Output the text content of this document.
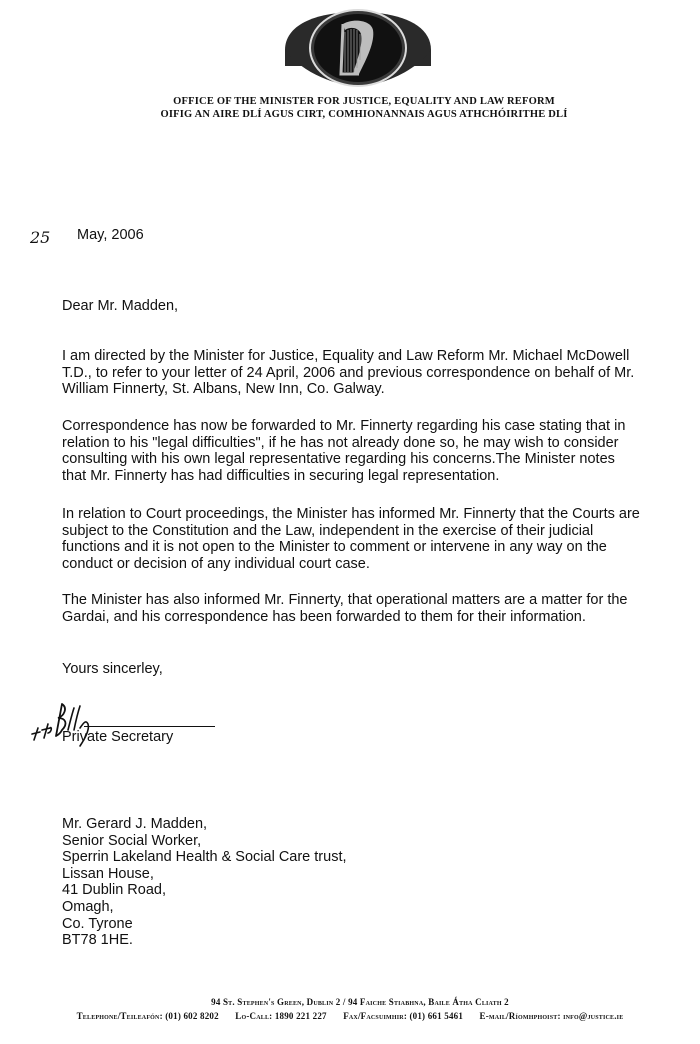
OFFICE OF THE MINISTER FOR JUSTICE, EQUALITY AND LAW REFORM
OIFIG AN AIRE DLÍ AGUS CIRT, COMHIONANNAIS AGUS ATHCHÓIRITHE DLÍ
25 May, 2006
Dear Mr. Madden,
I am directed by the Minister for Justice, Equality and Law Reform Mr. Michael McDowell T.D., to refer to your letter of 24 April, 2006 and previous correspondence on behalf of Mr. William Finnerty, St. Albans, New Inn, Co. Galway.
Correspondence has now be forwarded to Mr. Finnerty regarding his case stating that in relation to his "legal difficulties", if he has not already done so, he may wish to consider consulting with his own legal representative regarding his concerns.The Minister notes that Mr. Finnerty has had difficulties in securing legal representation.
In relation to Court proceedings, the Minister has informed Mr. Finnerty that the Courts are subject to the Constitution and the Law, independent in the exercise of their judicial functions and it is not open to the Minister to comment or intervene in any way on the conduct or decision of any individual court case.
The Minister has also informed Mr. Finnerty, that operational matters are a matter for the Gardai, and his correspondence has been forwarded to them for their information.
Yours sincerley,
Private Secretary
Mr. Gerard J. Madden,
Senior Social Worker,
Sperrin Lakeland Health & Social Care trust,
Lissan House,
41 Dublin Road,
Omagh,
Co. Tyrone
BT78 1HE.
94 St. Stephen's Green, Dublin 2 / 94 Faiche Stiabhna, Baile Átha Cliath 2
Telephone/Teileafón: (01) 602 8202 Lo-Call: 1890 221 227 Fax/Facsuimhir: (01) 661 5461 E-mail/Ríomhphoist: info@justice.ie
